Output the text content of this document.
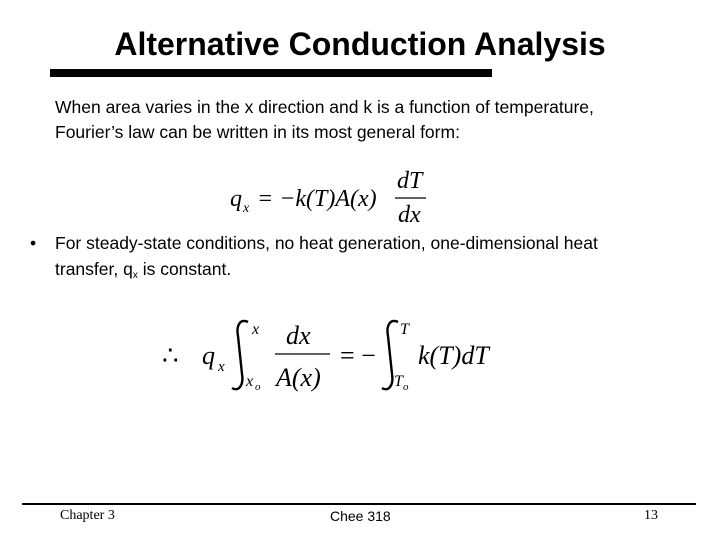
Alternative Conduction Analysis
When area varies in the x direction and k is a function of temperature,
Fourier’s law can be written in its most general form:
q x = −k(T)A(x)
dT
dx
• For steady-state conditions, no heat generation, one-dimensional heat
transfer, $q_x$ is constant.
∴ q x
x
x o
dx
A(x)
= −
T
T o
k(T)dT
Chapter 3	Chee 318	13
